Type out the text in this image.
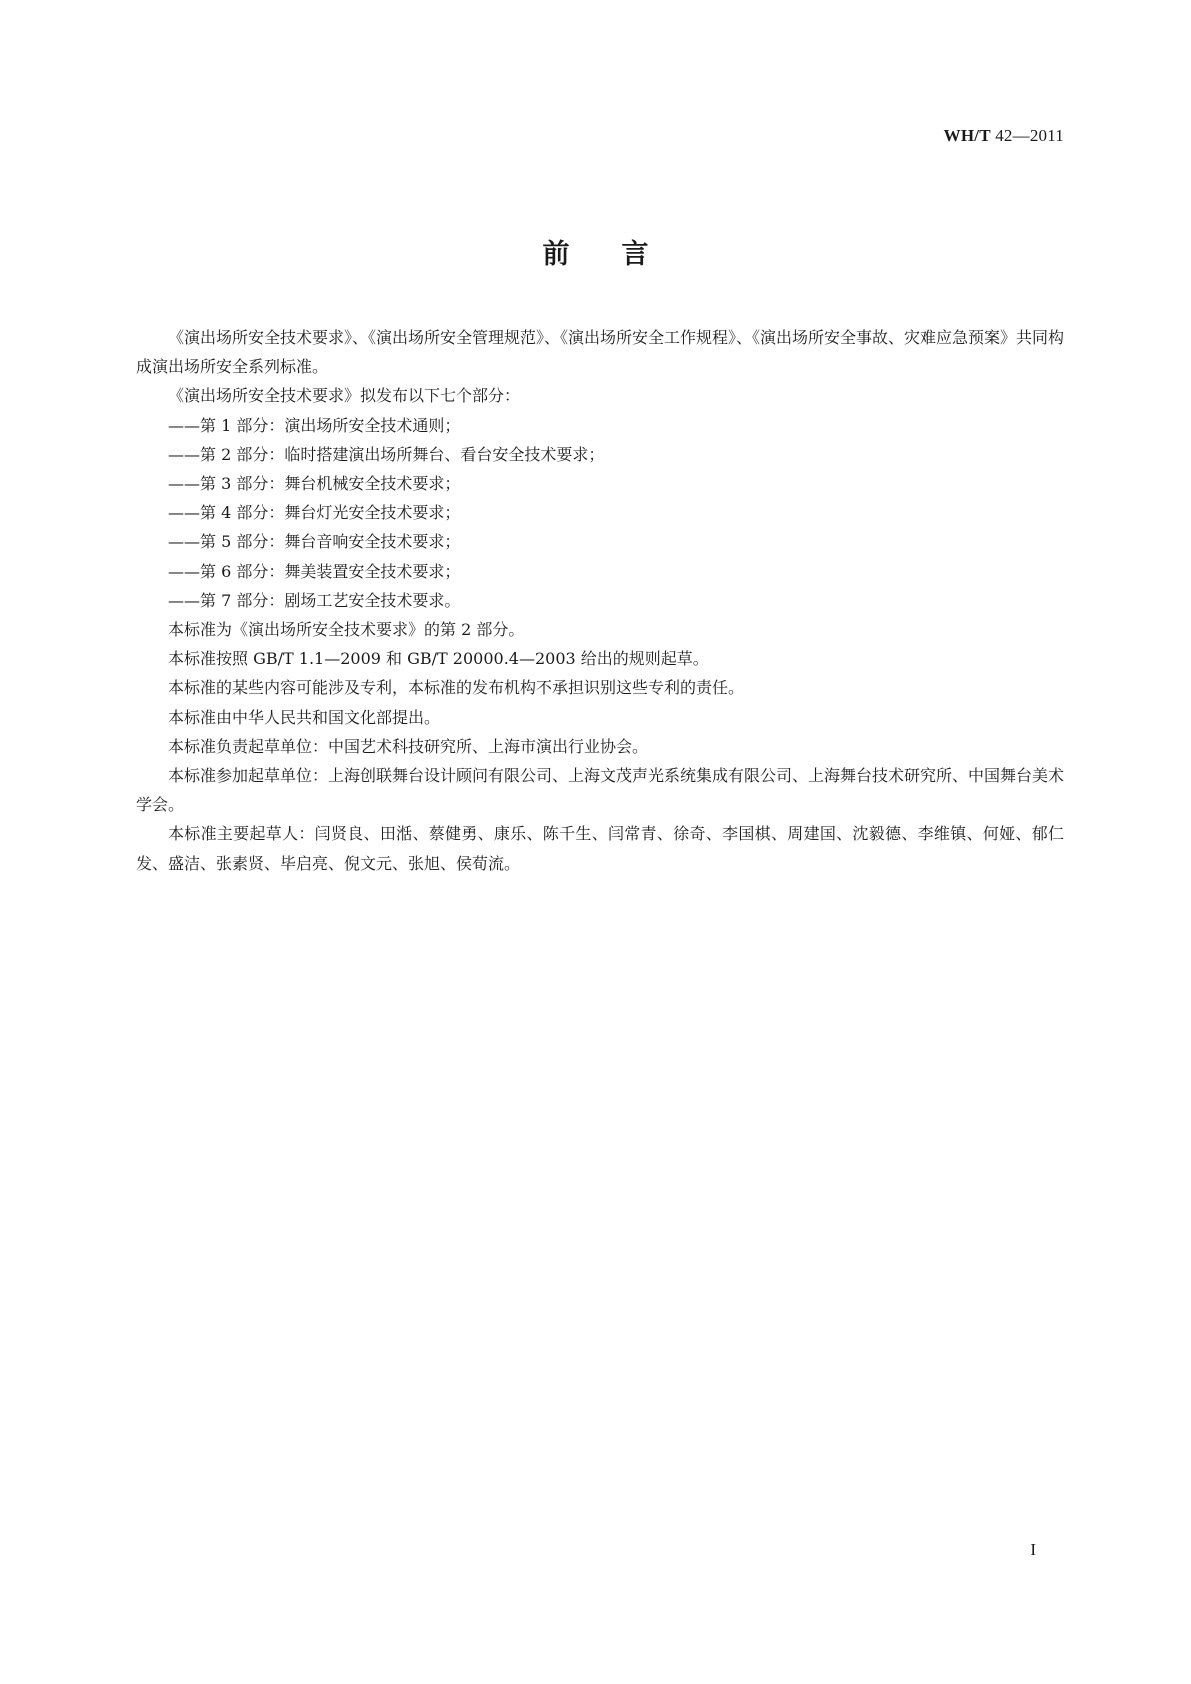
WH/T 42—2011
前言

《演出场所安全技术要求》、《演出场所安全管理规范》、《演出场所安全工作规程》、《演出场所安全事故、灾难应急预案》共同构成演出场所安全系列标准。

《演出场所安全技术要求》拟发布以下七个部分：

——第 1 部分：演出场所安全技术通则；

——第 2 部分：临时搭建演出场所舞台、看台安全技术要求；

——第 3 部分：舞台机械安全技术要求；

——第 4 部分：舞台灯光安全技术要求；

——第 5 部分：舞台音响安全技术要求；

——第 6 部分：舞美装置安全技术要求；

——第 7 部分：剧场工艺安全技术要求。

本标准为《演出场所安全技术要求》的第 2 部分。

本标准按照 GB/T 1.1—2009 和 GB/T 20000.4—2003 给出的规则起草。

本标准的某些内容可能涉及专利，本标准的发布机构不承担识别这些专利的责任。

本标准由中华人民共和国文化部提出。

本标准负责起草单位：中国艺术科技研究所、上海市演出行业协会。

本标准参加起草单位：上海创联舞台设计顾问有限公司、上海文茂声光系统集成有限公司、上海舞台技术研究所、中国舞台美术学会。

本标准主要起草人：闫贤良、田湉、蔡健勇、康乐、陈千生、闫常青、徐奇、李国棋、周建国、沈毅德、李维镇、何娅、郁仁发、盛洁、张素贤、毕启亮、倪文元、张旭、侯荀流。

I
